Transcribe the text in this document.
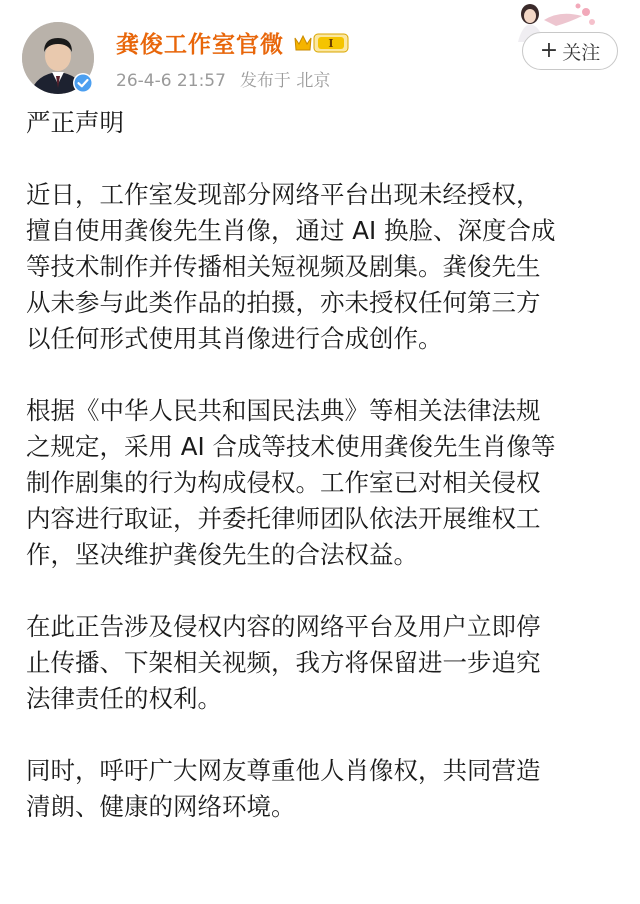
龚俊工作室官微	I
26-4-6 21:57 发布于 北京
+ 关注

严正声明

近日，工作室发现部分网络平台出现未经授权，

擅自使用龚俊先生肖像，通过 AI 换脸、深度合成

等技术制作并传播相关短视频及剧集。龚俊先生

从未参与此类作品的拍摄，亦未授权任何第三方

以任何形式使用其肖像进行合成创作。

根据《中华人民共和国民法典》等相关法律法规

之规定，采用 AI 合成等技术使用龚俊先生肖像等

制作剧集的行为构成侵权。工作室已对相关侵权

内容进行取证，并委托律师团队依法开展维权工

作，坚决维护龚俊先生的合法权益。

在此正告涉及侵权内容的网络平台及用户立即停

止传播、下架相关视频，我方将保留进一步追究

法律责任的权利。

同时，呼吁广大网友尊重他人肖像权，共同营造

清朗、健康的网络环境。
